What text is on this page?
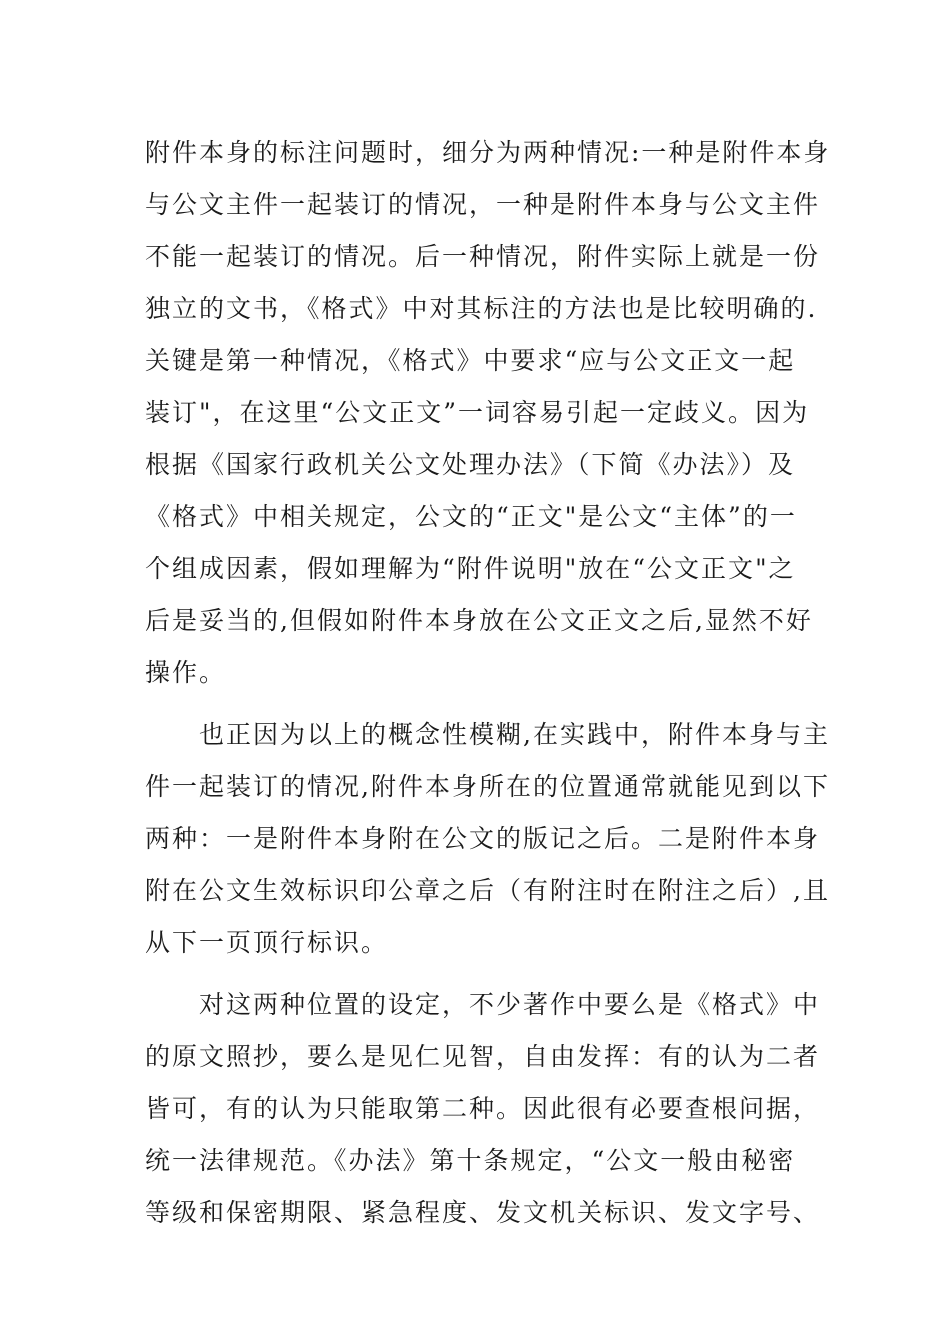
附件本身的标注问题时，细分为两种情况:一种是附件本身
与公文主件一起装订的情况，一种是附件本身与公文主件
不能一起装订的情况。后一种情况，附件实际上就是一份
独立的文书，《格式》中对其标注的方法也是比较明确的.
关键是第一种情况，《格式》中要求“应与公文正文一起
装订"，在这里“公文正文”一词容易引起一定歧义。因为
根据《国家行政机关公文处理办法》（下简《办法》）及
《格式》中相关规定，公文的“正文"是公文“主体”的一
个组成因素，假如理解为“附件说明"放在“公文正文"之
后是妥当的,但假如附件本身放在公文正文之后,显然不好
操作。
　　也正因为以上的概念性模糊,在实践中，附件本身与主
件一起装订的情况,附件本身所在的位置通常就能见到以下
两种：一是附件本身附在公文的版记之后。二是附件本身
附在公文生效标识印公章之后（有附注时在附注之后）,且
从下一页顶行标识。
　　对这两种位置的设定，不少著作中要么是《格式》中
的原文照抄，要么是见仁见智，自由发挥：有的认为二者
皆可，有的认为只能取第二种。因此很有必要查根问据，
统一法律规范。《办法》第十条规定，“公文一般由秘密
等级和保密期限、紧急程度、发文机关标识、发文字号、
